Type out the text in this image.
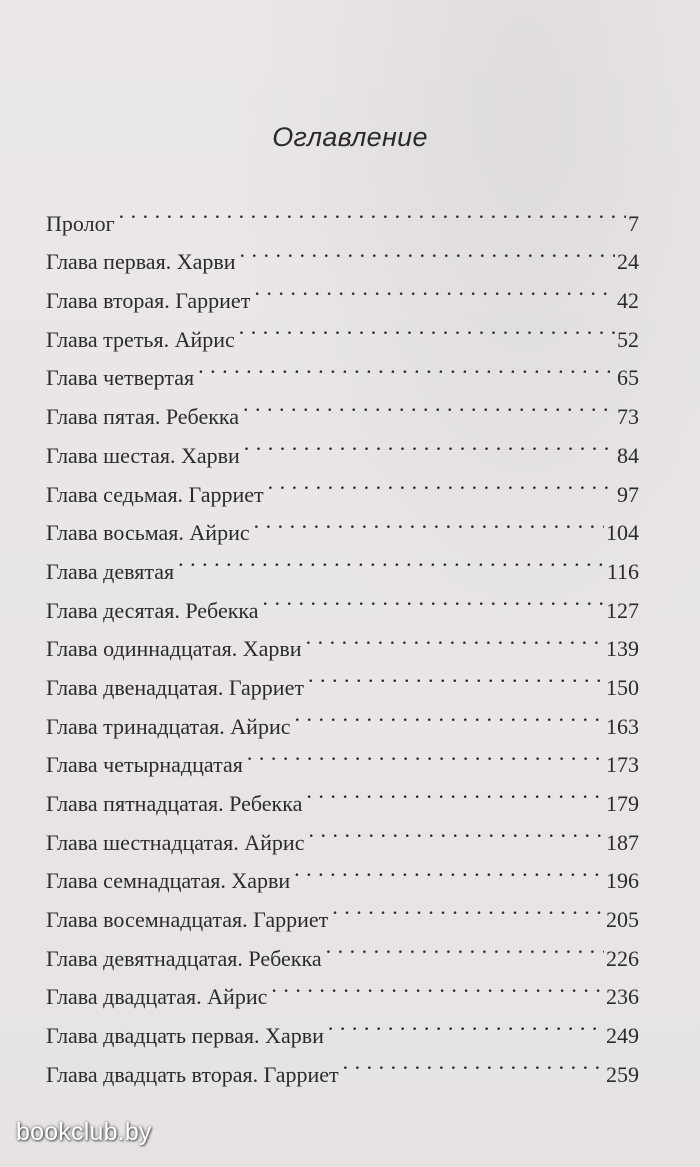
Оглавление
Пролог . . .	7
Глава первая. Харви . . .	24
Глава вторая. Гарриет . . .	42
Глава третья. Айрис . . .	52
Глава четвертая . . .	65
Глава пятая. Ребекка . . .	73
Глава шестая. Харви . . .	84
Глава седьмая. Гарриет . . .	97
Глава восьмая. Айрис . . .	104
Глава девятая . . .	116
Глава десятая. Ребекка . . .	127
Глава одиннадцатая. Харви . . .	139
Глава двенадцатая. Гарриет . . .	150
Глава тринадцатая. Айрис . . .	163
Глава четырнадцатая . . .	173
Глава пятнадцатая. Ребекка . . .	179
Глава шестнадцатая. Айрис . . .	187
Глава семнадцатая. Харви . . .	196
Глава восемнадцатая. Гарриет . . .	205
Глава девятнадцатая. Ребекка . . .	226
Глава двадцатая. Айрис . . .	236
Глава двадцать первая. Харви . . .	249
Глава двадцать вторая. Гарриет . . .	259
bookclub.by
